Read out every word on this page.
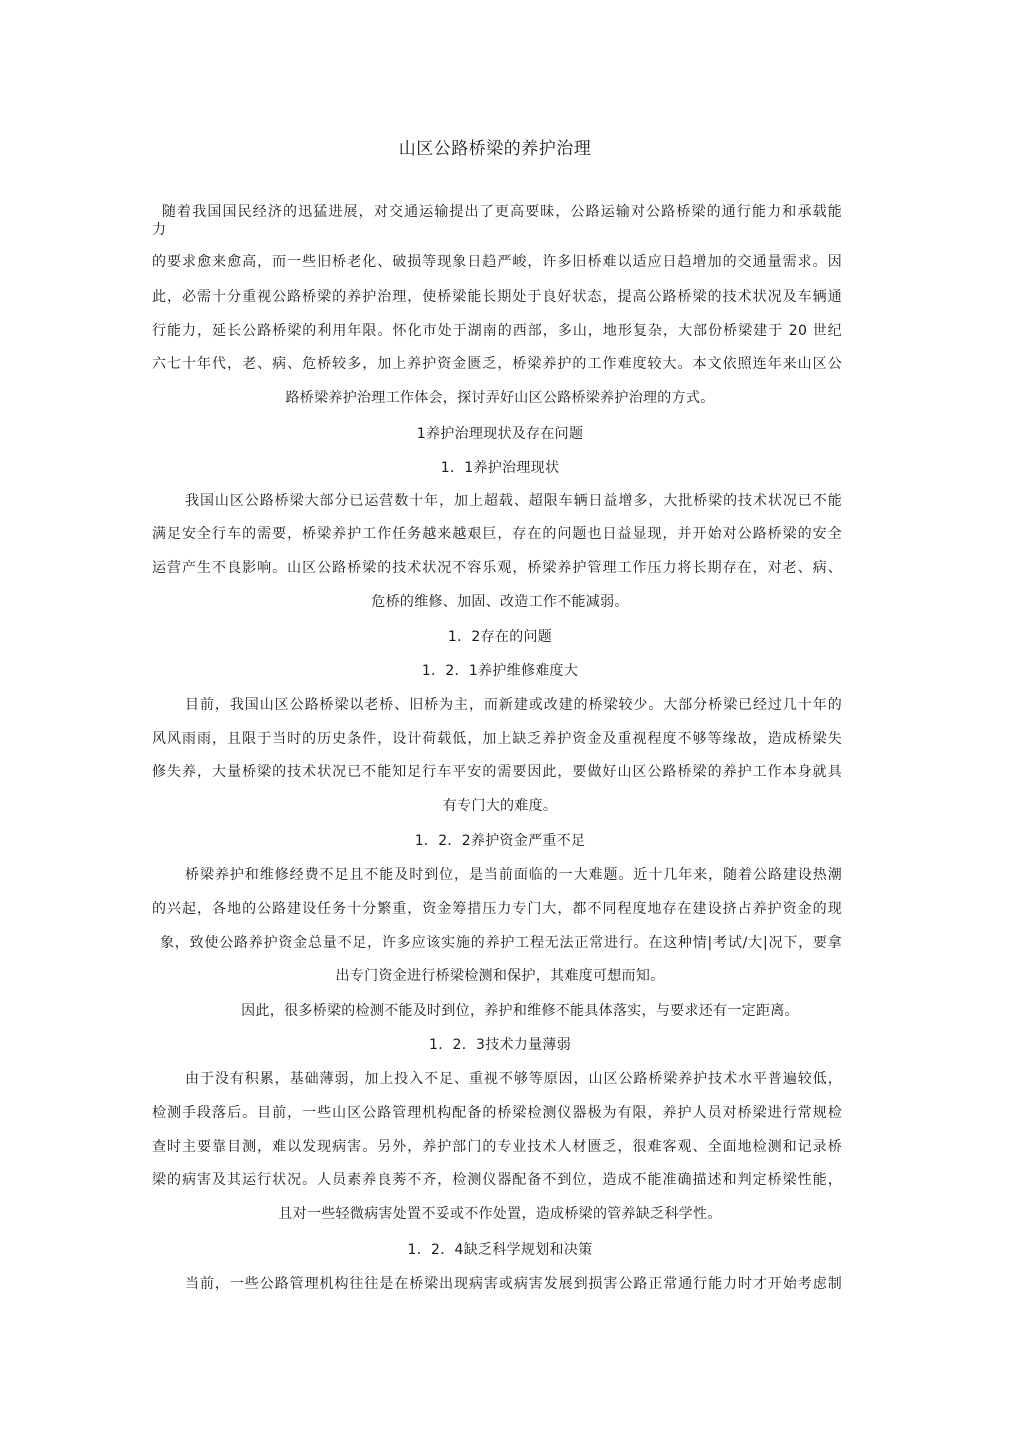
山区公路桥梁的养护治理
随着我国国民经济的迅猛进展，对交通运输提出了更高要昧，公路运输对公路桥梁的通行能力和承载能
力
的要求愈来愈高，而一些旧桥老化、破损等现象日趋严峻，许多旧桥难以适应日趋增加的交通量需求。因
此，必需十分重视公路桥梁的养护治理，使桥梁能长期处于良好状态，提高公路桥梁的技术状况及车辆通
行能力，延长公路桥梁的利用年限。怀化市处于湖南的西部，多山，地形复杂，大部份桥梁建于 20 世纪
六七十年代，老、病、危桥较多，加上养护资金匮乏，桥梁养护的工作难度较大。本文依照连年来山区公
路桥梁养护治理工作体会，探讨弄好山区公路桥梁养护治理的方式。
1养护治理现状及存在问题
1．1养护治理现状
我国山区公路桥梁大部分已运营数十年，加上超载、超限车辆日益增多，大批桥梁的技术状况已不能
满足安全行车的需要，桥梁养护工作任务越来越艰巨，存在的问题也日益显现，并开始对公路桥梁的安全
运营产生不良影响。山区公路桥梁的技术状况不容乐观，桥梁养护管理工作压力将长期存在，对老、病、
危桥的维修、加固、改造工作不能减弱。
1．2存在的问题
1．2．1养护维修难度大
目前，我国山区公路桥梁以老桥、旧桥为主，而新建或改建的桥梁较少。大部分桥梁已经过几十年的
风风雨雨，且限于当时的历史条件，设计荷载低，加上缺乏养护资金及重视程度不够等缘故，造成桥梁失
修失养，大量桥梁的技术状况已不能知足行车平安的需要因此，要做好山区公路桥梁的养护工作本身就具
有专门大的难度。
1．2．2养护资金严重不足
桥梁养护和维修经费不足且不能及时到位，是当前面临的一大难题。近十几年来，随着公路建设热潮
的兴起，各地的公路建设任务十分繁重，资金筹措压力专门大，都不同程度地存在建设挤占养护资金的现
象，致使公路养护资金总量不足，许多应该实施的养护工程无法正常进行。在这种情|考试/大|况下，要拿
出专门资金进行桥梁检测和保护，其难度可想而知。
因此，很多桥梁的检测不能及时到位，养护和维修不能具体落实，与要求还有一定距离。
1．2．3技术力量薄弱
由于没有积累，基础薄弱，加上投入不足、重视不够等原因，山区公路桥梁养护技术水平普遍较低，
检测手段落后。目前，一些山区公路管理机构配备的桥梁检测仪器极为有限，养护人员对桥梁进行常规检
查时主要靠目测，难以发现病害。另外，养护部门的专业技术人材匮乏，很难客观、全面地检测和记录桥
梁的病害及其运行状况。人员素养良莠不齐，检测仪器配备不到位，造成不能准确描述和判定桥梁性能，
且对一些轻微病害处置不妥或不作处置，造成桥梁的管养缺乏科学性。
1．2．4缺乏科学规划和决策
当前，一些公路管理机构往往是在桥梁出现病害或病害发展到损害公路正常通行能力时才开始考虑制
